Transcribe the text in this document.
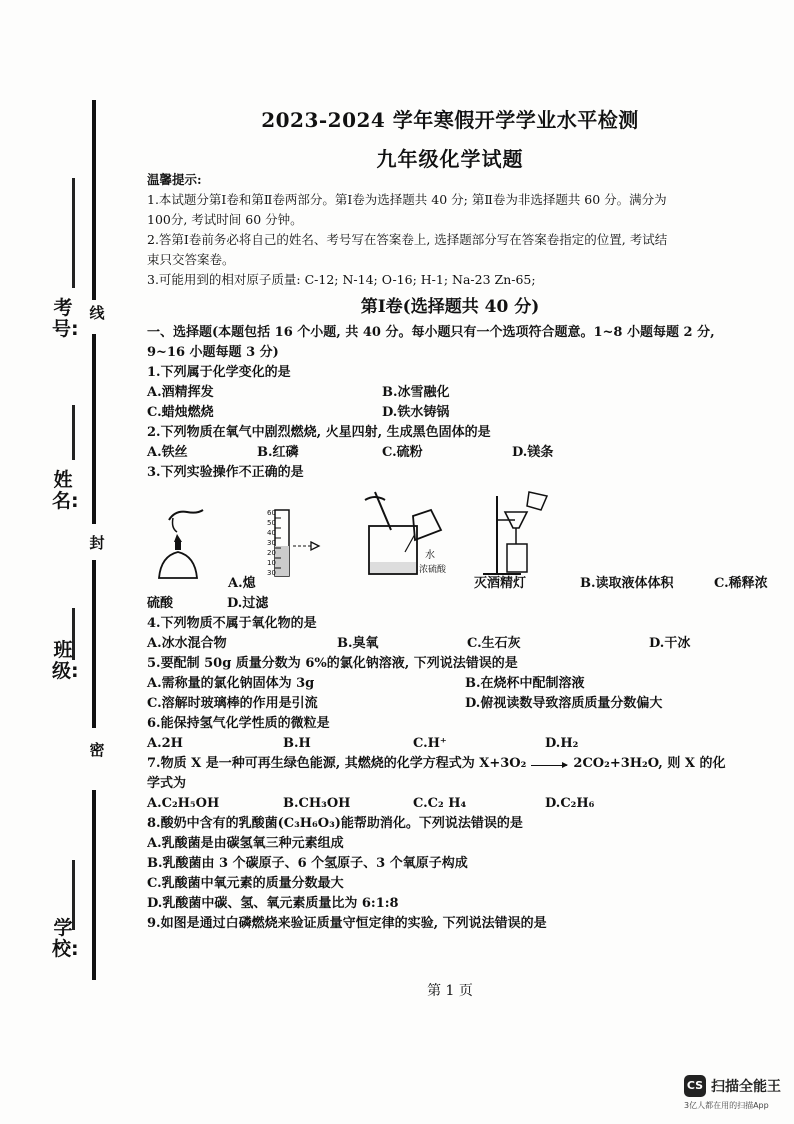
考号:
线
姓名:
封
班级:
密
学校:
2023-2024 学年寒假开学学业水平检测
九年级化学试题
温馨提示:
1.本试题分第Ⅰ卷和第Ⅱ卷两部分。第Ⅰ卷为选择题共 40 分; 第Ⅱ卷为非选择题共 60 分。满分为
100分, 考试时间 60 分钟。
2.答第Ⅰ卷前务必将自己的姓名、考号写在答案卷上, 选择题部分写在答案卷指定的位置, 考试结
束只交答案卷。
3.可能用到的相对原子质量: C-12; N-14; O-16; H-1; Na-23 Zn-65;
第Ⅰ卷(选择题共 40 分)
一、选择题(本题包括 16 个小题, 共 40 分。每小题只有一个选项符合题意。1~8 小题每题 2 分,
9~16 小题每题 3 分)
1.下列属于化学变化的是
A.酒精挥发	B.冰雪融化
C.蜡烛燃烧	D.铁水铸锅
2.下列物质在氧气中剧烈燃烧, 火星四射, 生成黑色固体的是
A.铁丝	B.红磷	C.硫粉	D.镁条
3.下列实验操作不正确的是
60
50
40
30
20
10
30
水
浓硫酸
A.熄	灭酒精灯	B.读取液体体积	C.稀释浓
硫酸	D.过滤
4.下列物质不属于氧化物的是
A.冰水混合物	B.臭氧	C.生石灰	D.干冰
5.要配制 50g 质量分数为 6%的氯化钠溶液, 下列说法错误的是
A.需称量的氯化钠固体为 3g	B.在烧杯中配制溶液
C.溶解时玻璃棒的作用是引流	D.俯视读数导致溶质质量分数偏大
6.能保持氢气化学性质的微粒是
A.2H	B.H	C.H⁺	D.H₂
7.物质 X 是一种可再生绿色能源, 其燃烧的化学方程式为 X+3O₂	2CO₂+3H₂O, 则 X 的化
学式为
A.C₂H₅OH	B.CH₃OH	C.C₂ H₄	D.C₂H₆
8.酸奶中含有的乳酸菌(C₃H₆O₃)能帮助消化。下列说法错误的是
A.乳酸菌是由碳氢氧三种元素组成
B.乳酸菌由 3 个碳原子、6 个氢原子、3 个氧原子构成
C.乳酸菌中氧元素的质量分数最大
D.乳酸菌中碳、氢、氧元素质量比为 6:1:8
9.如图是通过白磷燃烧来验证质量守恒定律的实验, 下列说法错误的是
第 1 页
CS 扫描全能王
3亿人都在用的扫描App
